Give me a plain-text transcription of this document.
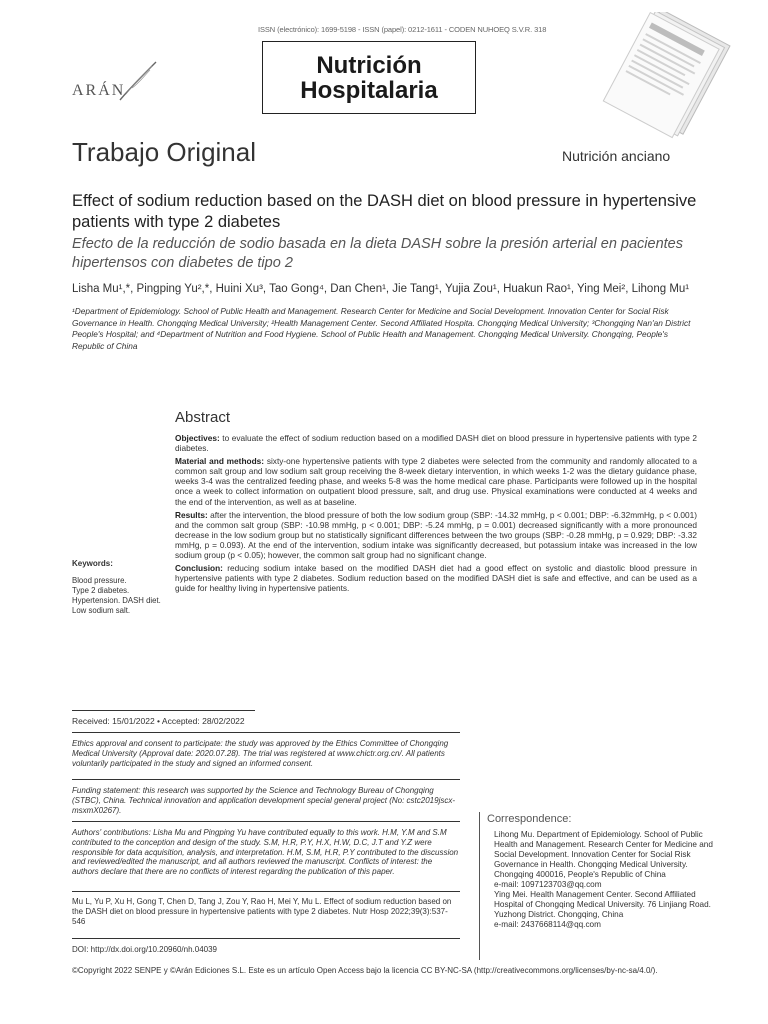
ISSN (electrónico): 1699-5198 - ISSN (papel): 0212-1611 - CODEN NUHOEQ S.V.R. 318
ARÁN
Nutrición
Hospitalaria
Trabajo Original	Nutrición anciano
Effect of sodium reduction based on the DASH diet on blood pressure in hypertensive patients with type 2 diabetes
Efecto de la reducción de sodio basada en la dieta DASH sobre la presión arterial en pacientes hipertensos con diabetes de tipo 2
Lisha Mu¹,*, Pingping Yu²,*, Huini Xu³, Tao Gong⁴, Dan Chen¹, Jie Tang¹, Yujia Zou¹, Huakun Rao¹, Ying Mei², Lihong Mu¹
¹Department of Epidemiology. School of Public Health and Management. Research Center for Medicine and Social Development. Innovation Center for Social Risk Governance in Health. Chongqing Medical University; ²Health Management Center. Second Affiliated Hospita. Chongqing Medical University; ³Chongqing Nan'an District People's Hospital; and ⁴Department of Nutrition and Food Hygiene. School of Public Health and Management. Chongqing Medical University. Chongqing, People's Republic of China
Abstract

Objectives: to evaluate the effect of sodium reduction based on a modified DASH diet on blood pressure in hypertensive patients with type 2 diabetes.

Material and methods: sixty-one hypertensive patients with type 2 diabetes were selected from the community and randomly allocated to a common salt group and low sodium salt group receiving the 8-week dietary intervention, in which weeks 1-2 was the dietary guidance phase, weeks 3-4 was the centralized feeding phase, and weeks 5-8 was the home medical care phase. Participants were followed up in the hospital once a week to collect information on outpatient blood pressure, salt, and drug use. Physical examinations were conducted at 4 weeks and the end of the intervention, as well as at baseline.

Results: after the intervention, the blood pressure of both the low sodium group (SBP: -14.32 mmHg, p < 0.001; DBP: -6.32mmHg, p < 0.001) and the common salt group (SBP: -10.98 mmHg, p < 0.001; DBP: -5.24 mmHg, p = 0.001) decreased significantly with a more pronounced decrease in the low sodium group but no statistically significant differences between the two groups (SBP: -0.28 mmHg, p = 0.929; DBP: -3.32 mmHg, p = 0.093). At the end of the intervention, sodium intake was significantly decreased, but potassium intake was increased in the low sodium group (p < 0.05); however, the common salt group had no significant change.

Conclusion: reducing sodium intake based on the modified DASH diet had a good effect on systolic and diastolic blood pressure in hypertensive patients with type 2 diabetes. Sodium reduction based on the modified DASH diet is safe and effective, and can be used as a guide for healthy living in hypertensive patients.

Keywords:
Blood pressure.
Type 2 diabetes.
Hypertension. DASH diet.
Low sodium salt.
Received: 15/01/2022 • Accepted: 28/02/2022
Ethics approval and consent to participate: the study was approved by the Ethics Committee of Chongqing Medical University (Approval date: 2020.07.28). The trial was registered at www.chictr.org.cn/. All patients voluntarily participated in the study and signed an informed consent.
Funding statement: this research was supported by the Science and Technology Bureau of Chongqing (STBC), China. Technical innovation and application development special general project (No: cstc2019jscx-msxmX0267).
Authors' contributions: Lisha Mu and Pingping Yu have contributed equally to this work. H.M, Y.M and S.M contributed to the conception and design of the study. S.M, H.R, P.Y, H.X, H.W, D.C, J.T and Y.Z were responsible for data acquisition, analysis, and interpretation. H.M, S.M, H.R, P.Y contributed to the discussion and reviewed/edited the manuscript, and all authors reviewed the manuscript. Conflicts of interest: the authors declare that there are no conflicts of interest regarding the publication of this paper.
Mu L, Yu P, Xu H, Gong T, Chen D, Tang J, Zou Y, Rao H, Mei Y, Mu L. Effect of sodium reduction based on the DASH diet on blood pressure in hypertensive patients with type 2 diabetes. Nutr Hosp 2022;39(3):537-546
DOI: http://dx.doi.org/10.20960/nh.04039
Correspondence:
Lihong Mu. Department of Epidemiology. School of Public Health and Management. Research Center for Medicine and Social Development. Innovation Center for Social Risk Governance in Health. Chongqing Medical University. Chongqing 400016, People's Republic of China
e-mail: 1097123703@qq.com
Ying Mei. Health Management Center. Second Affiliated Hospital of Chongqing Medical University. 76 Linjiang Road. Yuzhong District. Chongqing, China
e-mail: 2437668114@qq.com
©Copyright 2022 SENPE y ©Arán Ediciones S.L. Este es un artículo Open Access bajo la licencia CC BY-NC-SA (http://creativecommons.org/licenses/by-nc-sa/4.0/).
